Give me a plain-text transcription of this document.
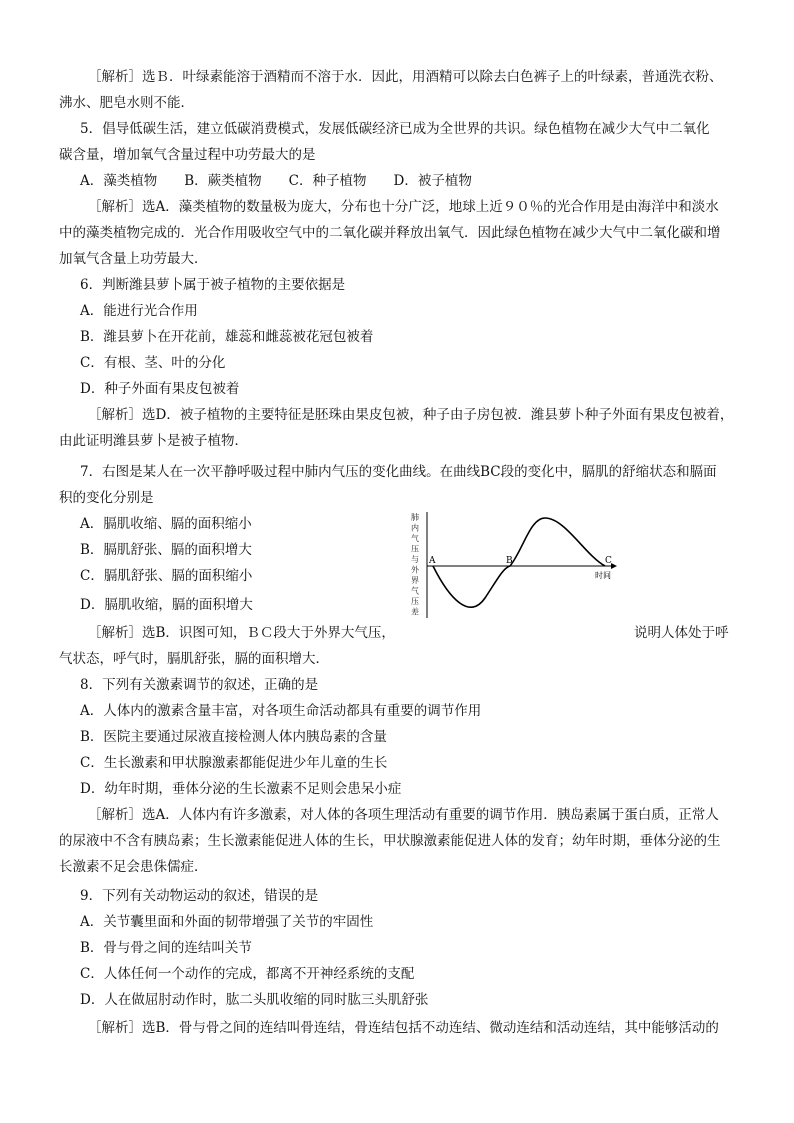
［解析］选Ｂ．叶绿素能溶于酒精而不溶于水．因此，用酒精可以除去白色裤子上的叶绿素，普通洗衣粉、
沸水、肥皂水则不能．
5．倡导低碳生活，建立低碳消费模式，发展低碳经济已成为全世界的共识。绿色植物在减少大气中二氧化
碳含量，增加氧气含量过程中功劳最大的是
A．藻类植物　　B．蕨类植物　　C．种子植物　　D．被子植物
［解析］选A．藻类植物的数量极为庞大，分布也十分广泛，地球上近９０％的光合作用是由海洋中和淡水
中的藻类植物完成的．光合作用吸收空气中的二氧化碳并释放出氧气．因此绿色植物在减少大气中二氧化碳和增
加氧气含量上功劳最大．
6．判断潍县萝卜属于被子植物的主要依据是
A．能进行光合作用
B．潍县萝卜在开花前，雄蕊和雌蕊被花冠包被着
C．有根、茎、叶的分化
D．种子外面有果皮包被着
［解析］选D．被子植物的主要特征是胚珠由果皮包被，种子由子房包被．潍县萝卜种子外面有果皮包被着，
由此证明潍县萝卜是被子植物．
7．右图是某人在一次平静呼吸过程中肺内气压的变化曲线。在曲线BC段的变化中，膈肌的舒缩状态和膈面
积的变化分别是
A．膈肌收缩、膈的面积缩小
B．膈肌舒张、膈的面积增大
C．膈肌舒张、膈的面积缩小
D．膈肌收缩，膈的面积增大
［解析］选B．识图可知，ＢＣ段大于外界大气压，	说明人体处于呼
气状态，呼气时，膈肌舒张，膈的面积增大．
8．下列有关激素调节的叙述，正确的是
A．人体内的激素含量丰富，对各项生命活动都具有重要的调节作用
B．医院主要通过尿液直接检测人体内胰岛素的含量
C．生长激素和甲状腺激素都能促进少年儿童的生长
D．幼年时期，垂体分泌的生长激素不足则会患呆小症
［解析］选A．人体内有许多激素，对人体的各项生理活动有重要的调节作用．胰岛素属于蛋白质，正常人
的尿液中不含有胰岛素；生长激素能促进人体的生长，甲状腺激素能促进人体的发育；幼年时期，垂体分泌的生
长激素不足会患侏儒症．
9．下列有关动物运动的叙述，错误的是
A．关节囊里面和外面的韧带增强了关节的牢固性
B．骨与骨之间的连结叫关节
C．人体任何一个动作的完成，都离不开神经系统的支配
D．人在做屈肘动作时，肱二头肌收缩的同时肱三头肌舒张
［解析］选B．骨与骨之间的连结叫骨连结，骨连结包括不动连结、微动连结和活动连结，其中能够活动的
肺
内
气
压
与
外
界
气
压
差
A	B	C
时间
